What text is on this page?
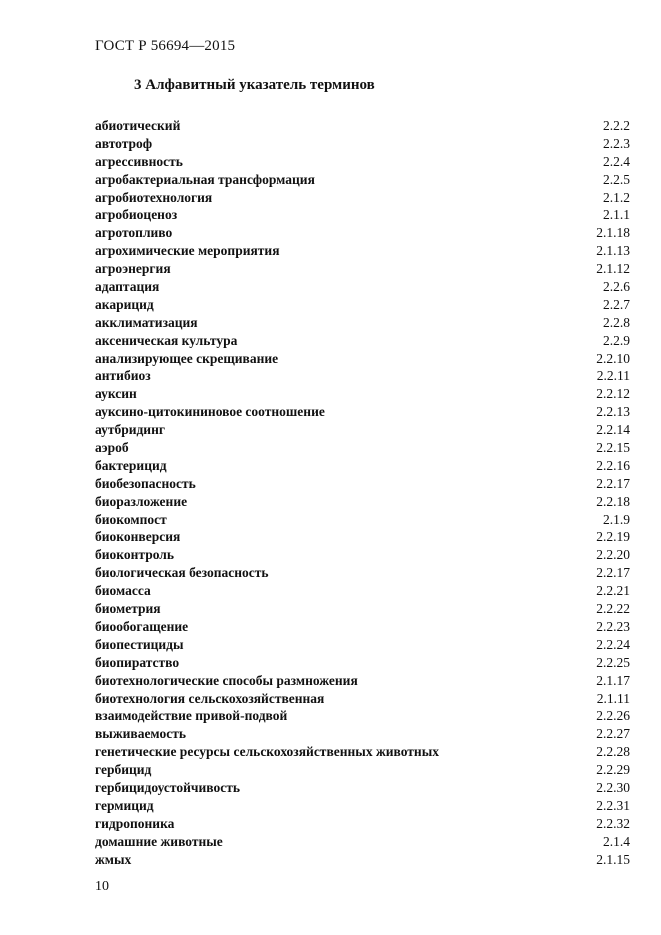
ГОСТ Р 56694—2015
3 Алфавитный указатель терминов
абиотический	2.2.2
автотроф	2.2.3
агрессивность	2.2.4
агробактериальная трансформация	2.2.5
агробиотехнология	2.1.2
агробиоценоз	2.1.1
агротопливо	2.1.18
агрохимические мероприятия	2.1.13
агроэнергия	2.1.12
адаптация	2.2.6
акарицид	2.2.7
акклиматизация	2.2.8
аксеническая культура	2.2.9
анализирующее скрещивание	2.2.10
антибиоз	2.2.11
ауксин	2.2.12
ауксино-цитокининовое соотношение	2.2.13
аутбридинг	2.2.14
аэроб	2.2.15
бактерицид	2.2.16
биобезопасность	2.2.17
биоразложение	2.2.18
биокомпост	2.1.9
биоконверсия	2.2.19
биоконтроль	2.2.20
биологическая безопасность	2.2.17
биомасса	2.2.21
биометрия	2.2.22
биообогащение	2.2.23
биопестициды	2.2.24
биопиратство	2.2.25
биотехнологические способы размножения	2.1.17
биотехнология сельскохозяйственная	2.1.11
взаимодействие привой-подвой	2.2.26
выживаемость	2.2.27
генетические ресурсы сельскохозяйственных животных	2.2.28
гербицид	2.2.29
гербицидоустойчивость	2.2.30
гермицид	2.2.31
гидропоника	2.2.32
домашние животные	2.1.4
жмых	2.1.15
10
